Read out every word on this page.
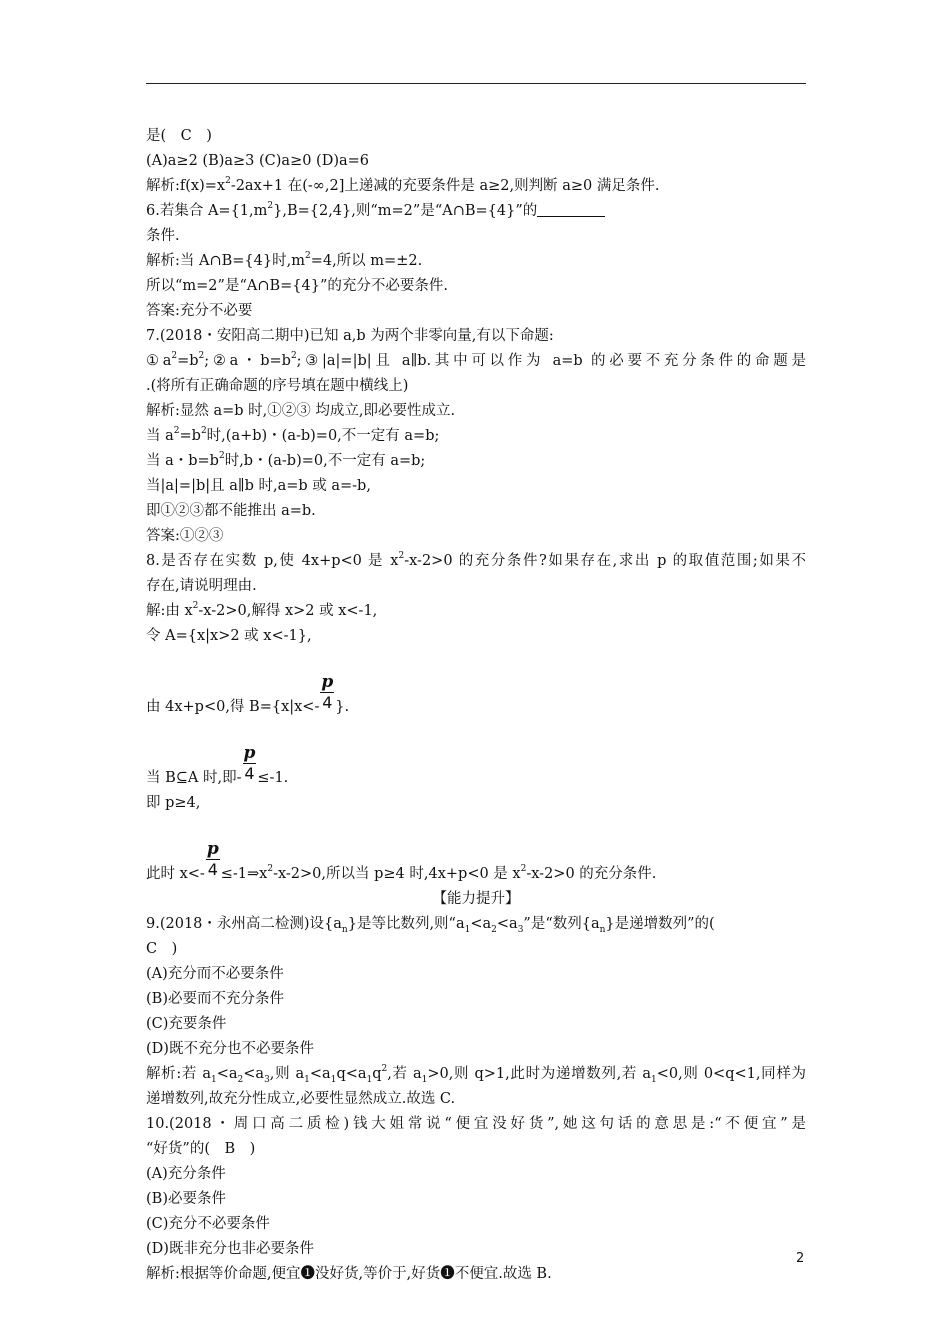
是( C )
(A)a≥2 (B)a≥3 (C)a≥0 (D)a=6
解析$:f(x)=x^2-2ax+1$ 在(-∞,2]上递减的充要条件是 a≥2,则判断 a≥0 满足条件.
6.若集合 $A=\{1,m^2\},B=\{2,4\}$,则“m=2”是“A∩B={4}”的
条件.
解析:当 A∩B={4}时$,m^2=4$,所以 m=±2.
所以“m=2”是“A∩B={4}”的充分不必要条件.
答案:充分不必要
7.(2018・安阳高二期中)已知 a,b 为两个非零向量,有以下命题:
$①a^2=b^2;②a$・$b=b^2;③|a|=|b|$且 a∥b.其中可以作为 a=b 的必要不充分条件的命题是
.(将所有正确命题的序号填在题中横线上)
解析:显然 a=b 时,①②③ 均成立,即必要性成立.
当 $a^2=b^2$时,(a+b)・(a-b)=0,不一定有 a=b;
当 a・$b=b^2$时,b・(a-b)=0,不一定有 a=b;
当|a|=|b|且 a∥b 时,a=b 或 a=-b,
即①②③都不能推出 a=b.
答案:①②③
8.是否存在实数 p,使 4x+p<0 是 $x^2-x-2>0$ 的充分条件?如果存在,求出 p 的取值范围;如果不
存在,请说明理由.
解:由 $x^2-x-2>0$,解得 x>2 或 x<-1,
令 A={x|x>2 或 x<-1},
由 4x+p<0,得 $B=\{x|x<- \frac{p}{4}$ }.
当 B⊆A 时,即- $\frac{p}{4} \le-1$.
即 p≥4,
此时 $x<- \frac{p}{4}$ $\le-1\Rightarrow x^2-x-2>0$,所以当 p≥4 时,4x+p<0 是 $x^2-x-2>0$ 的充分条件.
【能力提升】
9.(2018・永州高二检测)设$\{a_n\}$是等比数列,则“$a_1<a_2<a_3$”是“数列$\{a_n\}$是递增数列”的(
C )
(A)充分而不必要条件
(B)必要而不充分条件
(C)充要条件
(D)既不充分也不必要条件
解析:若 $a_1<a_2<a_3$,则 $a_1<a_1q<a_1q^2$,若 $a_1>0$,则 q>1,此时为递增数列,若 $a_1<0$,则 0<q<1,同样为
递增数列,故充分性成立,必要性显然成立.故选 C.
10.(2018・周口高二质检)钱大姐常说“便宜没好货”,她这句话的意思是:“不便宜”是
“好货”的( B )
(A)充分条件
(B)必要条件
(C)充分不必要条件
(D)既非充分也非必要条件
解析:根据等价命题,便宜➊没好货,等价于,好货➊不便宜.故选 B.
2
